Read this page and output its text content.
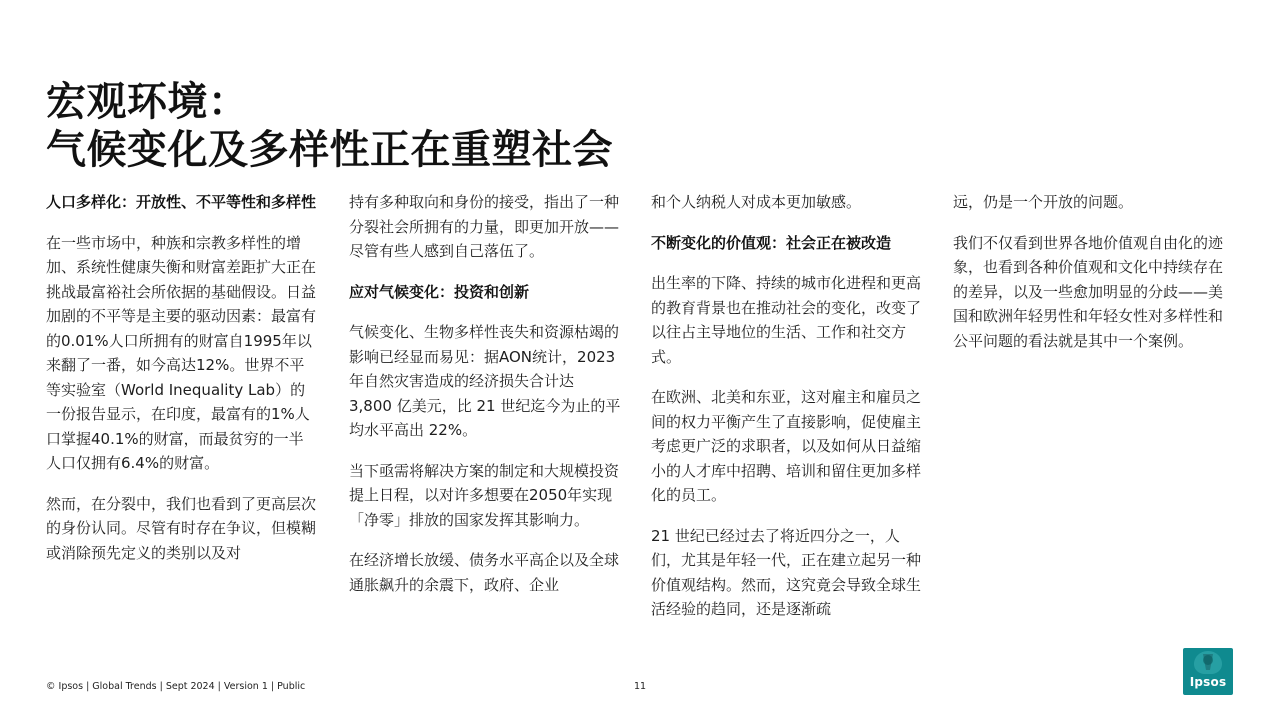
宏观环境：
气候变化及多样性正在重塑社会
人口多样化：开放性、不平等性和多样性

在一些市场中，种族和宗教多样性的增加、系统性健康失衡和财富差距扩大正在挑战最富裕社会所依据的基础假设。日益加剧的不平等是主要的驱动因素：最富有的0.01%人口所拥有的财富自1995年以来翻了一番，如今高达12%。世界不平等实验室（World Inequality Lab）的一份报告显示，在印度，最富有的1%人口掌握40.1%的财富，而最贫穷的一半人口仅拥有6.4%的财富。

然而，在分裂中，我们也看到了更高层次的身份认同。尽管有时存在争议，但模糊或消除预先定义的类别以及对

持有多种取向和身份的接受，指出了一种分裂社会所拥有的力量，即更加开放——尽管有些人感到自己落伍了。

应对气候变化：投资和创新

气候变化、生物多样性丧失和资源枯竭的影响已经显而易见：据AON统计，2023 年自然灾害造成的经济损失合计达 3,800 亿美元，比 21 世纪迄今为止的平均水平高出 22%。

当下亟需将解决方案的制定和大规模投资提上日程，以对许多想要在2050年实现「净零」排放的国家发挥其影响力。

在经济增长放缓、债务水平高企以及全球通胀飙升的余震下，政府、企业

和个人纳税人对成本更加敏感。

不断变化的价值观：社会正在被改造

出生率的下降、持续的城市化进程和更高的教育背景也在推动社会的变化，改变了以往占主导地位的生活、工作和社交方式。

在欧洲、北美和东亚，这对雇主和雇员之间的权力平衡产生了直接影响，促使雇主考虑更广泛的求职者，以及如何从日益缩小的人才库中招聘、培训和留住更加多样化的员工。

21 世纪已经过去了将近四分之一，人们，尤其是年轻一代，正在建立起另一种价值观结构。然而，这究竟会导致全球生活经验的趋同，还是逐渐疏

远，仍是一个开放的问题。

我们不仅看到世界各地价值观自由化的迹象，也看到各种价值观和文化中持续存在的差异，以及一些愈加明显的分歧——美国和欧洲年轻男性和年轻女性对多样性和公平问题的看法就是其中一个案例。

© Ipsos | Global Trends | Sept 2024 | Version 1 | Public	11	Ipsos
